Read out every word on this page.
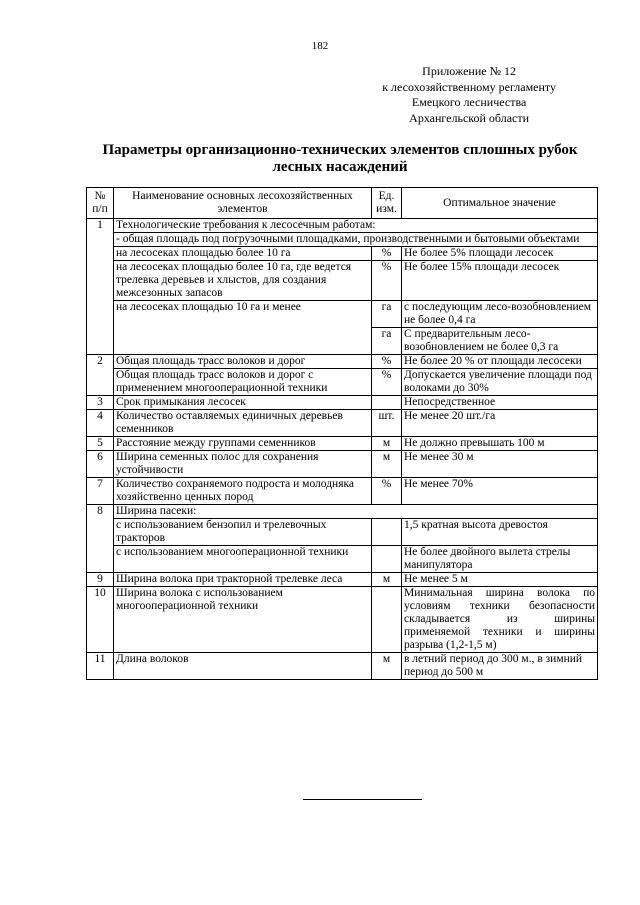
182
Приложение № 12
к лесохозяйственному регламенту
Емецкого лесничества
Архангельской области
Параметры организационно-технических элементов сплошных рубок
лесных насаждений
№ п/п	Наименование основных лесохозяйственных элементов	Ед. изм.	Оптимальное значение
1	Технологические требования к лесосечным работам:		
	- общая площадь под погрузочными площадками, производственными и бытовыми объектами		
	на лесосеках площадью более 10 га	%	Не более 5% площади лесосек
	на лесосеках площадью более 10 га, где ведется трелевка деревьев и хлыстов, для создания межсезонных запасов	%	Не более 15% площади лесосек
	на лесосеках площадью 10 га и менее	га	с последующим лесо-возобновлением не более 0,4 га
		га	С предварительным лесо-возобновлением не более 0,3 га
2	Общая площадь трасс волоков и дорог	%	Не более 20 % от площади лесосеки
	Общая площадь трасс волоков и дорог с применением многооперационной техники	%	Допускается увеличение площади под волоками до 30%
3	Срок примыкания лесосек		Непосредственное
4	Количество оставляемых единичных деревьев семенников	шт.	Не менее 20 шт./га
5	Расстояние между группами семенников	м	Не должно превышать 100 м
6	Ширина семенных полос для сохранения устойчивости	м	Не менее 30 м
7	Количество сохраняемого подроста и молодняка хозяйственно ценных пород	%	Не менее 70%
8	Ширина пасеки:		
	с использованием бензопил и трелевочных тракторов		1,5 кратная высота древостоя
	с использованием многооперационной техники		Не более двойного вылета стрелы манипулятора
9	Ширина волока при тракторной трелевке леса	м	Не менее 5 м
10	Ширина волока с использованием многооперационной техники		Минимальная ширина волока по условиям техники безопасности складывается из ширины применяемой техники и ширины разрыва (1,2-1,5 м)
11	Длина волоков	м	в летний период до 300 м., в зимний период до 500 м
